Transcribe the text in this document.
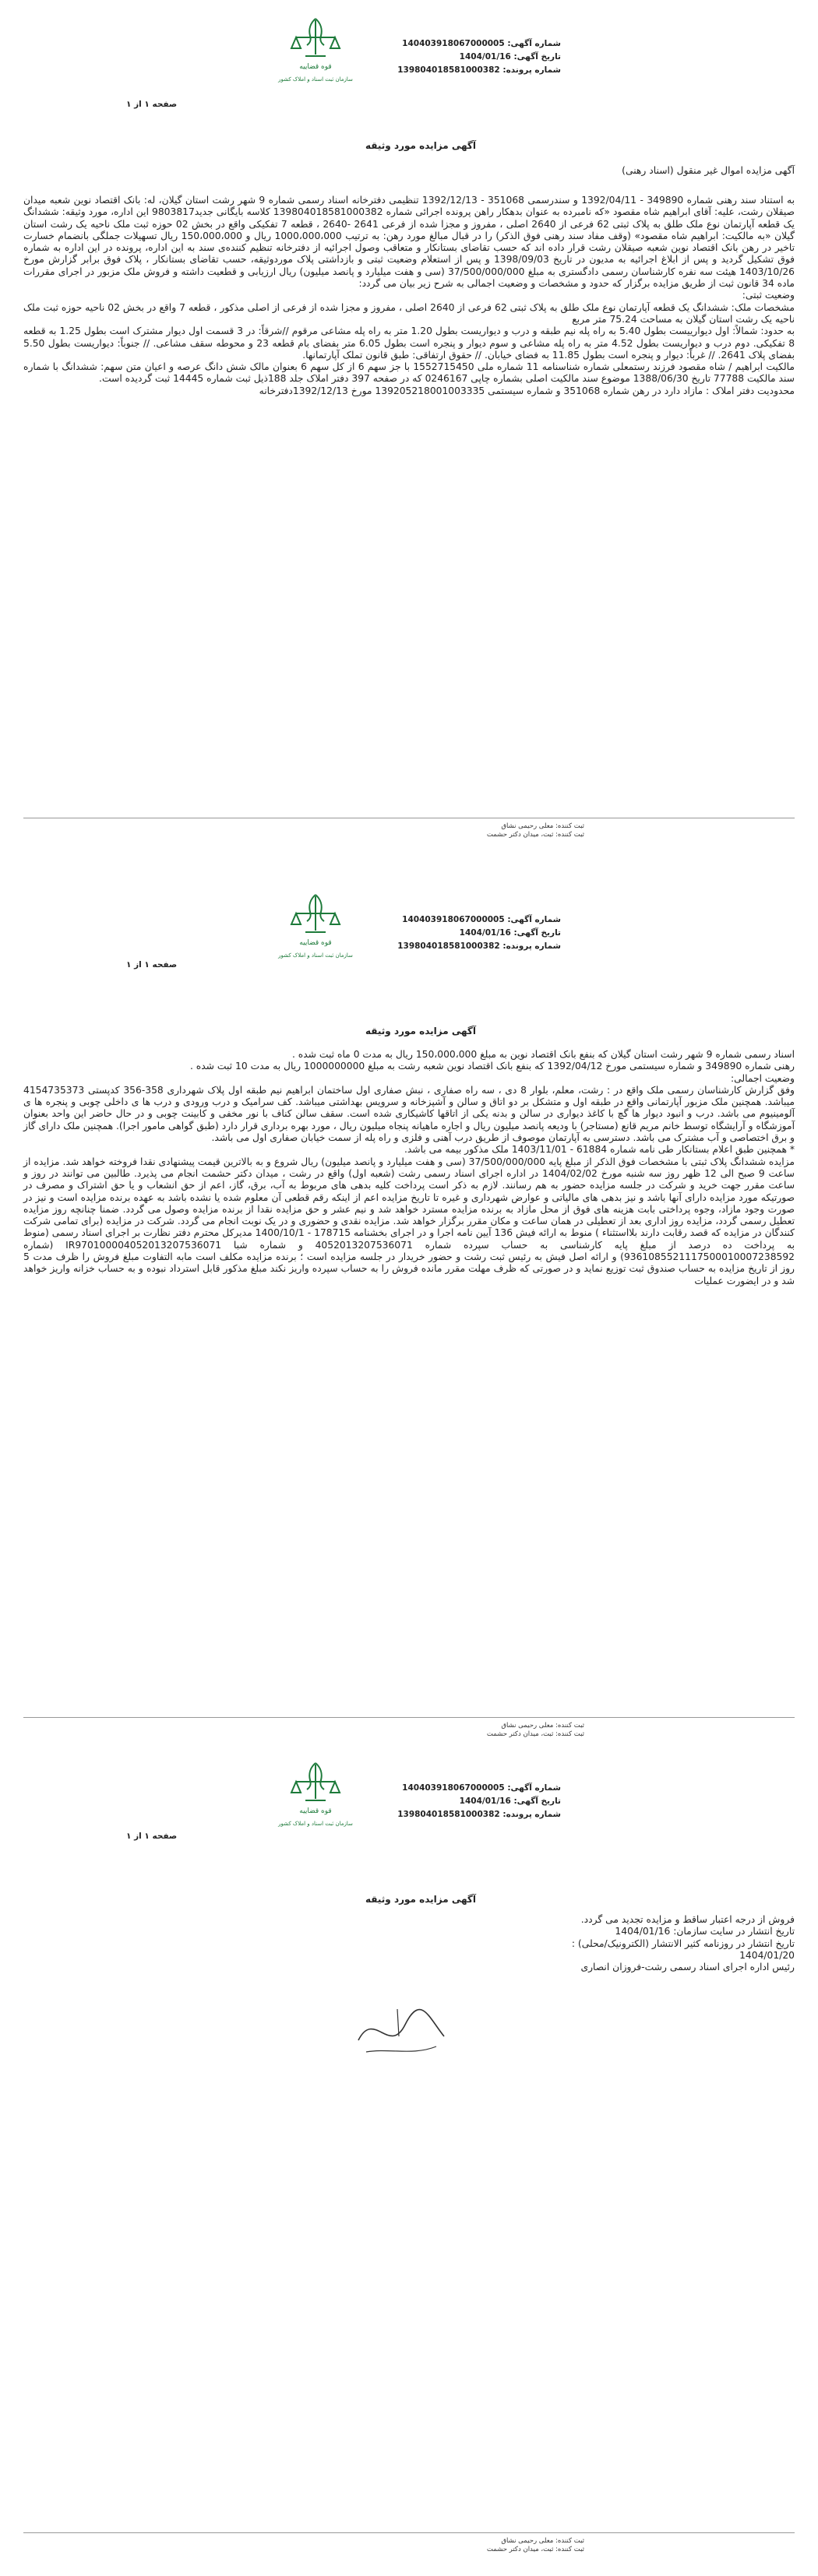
قوه قضاییه
سازمان ثبت اسناد و املاک کشور
شماره آگهی: 140403918067000005
تاریخ آگهی: 1404/01/16
شماره پرونده: 139804018581000382
صفحه ۱ از ۱
آگهی مزایده مورد وثیقه
آگهی مزایده اموال غیر منقول (اسناد رهنی)

به استناد سند رهنی شماره 349890 - 1392/04/11 و سندرسمی 351068 - 1392/12/13 تنظیمی دفترخانه اسناد رسمی شماره 9 شهر رشت استان گیلان، له: بانک اقتصاد نوین شعبه میدان صیقلان رشت، علیه: آقای ابراهیم شاه مقصود «که نامبرده به عنوان بدهکار راهن پرونده اجرائی شماره 139804018581000382 کلاسه بایگانی جدید9803817 این اداره، مورد وثیقه: ششدانگ یک قطعه آپارتمان نوع ملک طلق به پلاک ثبتی 62 فرعی از 2640 اصلی ، مفروز و مجزا شده از فرعی 2641 -2640 ، قطعه 7 تفکیکی واقع در بخش 02 حوزه ثبت ملک ناحیه یک رشت استان گیلان «به مالکیت: ابراهیم شاه مقصود» (وقف مفاد سند رهنی فوق الذکر) را در قبال مبالغ مورد رهن: به ترتیب 1000،000،000 ریال و 150،000،000 ریال تسهیلات جملگی بانضمام خسارت تاخیر در رهن بانک اقتصاد نوین شعبه صیقلان رشت قرار داده اند که حسب تقاضای بستانکار و متعاقب وصول اجرائیه از دفترخانه تنظیم کننده‌ی سند به این اداره، پرونده در این اداره به شماره فوق تشکیل گردید و پس از ابلاغ اجرائیه به مدیون در تاریخ 1398/09/03 و پس از استعلام وضعیت ثبتی و بازداشتی پلاک موردوثیقه، حسب تقاضای بستانکار ، پلاک فوق برابر گزارش مورخ 1403/10/26 هیئت سه نفره کارشناسان رسمی دادگستری به مبلغ 37/500/000/000 (سی و هفت میلیارد و پانصد میلیون) ریال ارزیابی و قطعیت داشته و فروش ملک مزبور در اجرای مقررات ماده 34 قانون ثبت از طریق مزایده برگزار که حدود و مشخصات و وضعیت اجمالی به شرح زیر بیان می گردد:

وضعیت ثبتی:

مشخصات ملک: ششدانگ یک قطعه آپارتمان نوع ملک طلق به پلاک ثبتی 62 فرعی از 2640 اصلی ، مفروز و مجزا شده از فرعی از اصلی مذکور ، قطعه 7 واقع در بخش 02 ناحیه حوزه ثبت ملک ناحیه یک رشت استان گیلان به مساحت 75.24 متر مربع

به حدود: شمالاً: اول دیوارییست بطول 5.40 به راه پله نیم طبقه و درب و دیواریست بطول 1.20 متر به راه پله مشاعی مرقوم //شرقاً: در 3 قسمت اول دیوار مشترک است بطول 1.25 به قطعه 8 تفکیکی. دوم درب و دیواریست بطول 4.52 متر به راه پله مشاعی و سوم دیوار و پنجره است بطول 6.05 متر بفضای بام قطعه 23 و محوطه سقف مشاعی. // جنوباً: دیواریست بطول 5.50 بفضای پلاک 2641. // غرباً: دیوار و پنجره است بطول 11.85 به فضای خیابان. // حقوق ارتفاقی: طبق قانون تملک آپارتمانها.

مالکیت ابراهیم / شاه مقصود فرزند رستمعلی شماره شناسنامه 11 شماره ملی 1552715450 با جز سهم 6 از کل سهم 6 بعنوان مالک شش دانگ عرصه و اعیان متن سهم: ششدانگ با شماره سند مالکیت 77788 تاریخ 1388/06/30 موضوع سند مالکیت اصلی بشماره چاپی 0246167 که در صفحه 397 دفتر املاک جلد 188ذیل ثبت شماره 14445 ثبت گردیده است.

محدودیت دفتر املاک : مازاد دارد در رهن شماره 351068 و شماره سیستمی 139205218001003335 مورخ 1392/12/13دفترخانه

ثبت کننده: معلی رحیمی نشاق
ثبت کننده: ثبت، میدان دکتر حشمت
قوه قضاییه
سازمان ثبت اسناد و املاک کشور
شماره آگهی: 140403918067000005
تاریخ آگهی: 1404/01/16
شماره پرونده: 139804018581000382
صفحه ۱ از ۱
آگهی مزایده مورد وثیقه

اسناد رسمی شماره 9 شهر رشت استان گیلان که بنفع بانک اقتصاد نوین به مبلغ 150،000،000 ریال به مدت 0 ماه ثبت شده .

رهنی شماره 349890 و شماره سیستمی مورخ 1392/04/12 که بنفع بانک اقتصاد نوین شعبه رشت به مبلغ 1000000000 ریال به مدت 10 ثبت شده .

وضعیت اجمالی:

وفق گزارش کارشناسان رسمی ملک واقع در : رشت، معلم، بلوار 8 دی ، سه راه صفاری ، نبش صفاری اول ساختمان ابراهیم نیم طبقه اول پلاک شهرداری 358-356 کدپستی 4154735373 میباشد. همچنین ملک مزبور آپارتمانی واقع در طبقه اول و متشکل بر دو اتاق و سالن و آشپزخانه و سرویس بهداشتی میباشد. کف سرامیک و درب ورودی و درب ها ی داخلی چوبی و پنجره ها ی آلومینیوم می باشد. درب و انبود دیوار ها گچ با کاغذ دیواری در سالن و بدنه یکی از اتاقها کاشیکاری شده است. سقف سالن کناف با نور مخفی و کابینت چوبی و در حال حاضر این واحد بعنوان آموزشگاه و آرایشگاه توسط خانم مریم قانع (مستاجر) با ودیعه پانصد میلیون ریال و اجاره ماهیانه پنجاه میلیون ریال ، مورد بهره برداری قرار دارد (طبق گواهی مامور اجرا). همچنین ملک دارای گاز و برق اختصاصی و آب مشترک می باشد. دسترسی به آپارتمان موصوف از طریق درب آهنی و فلزی و راه پله از سمت خیابان صفاری اول می باشد.

* همچنین طبق اعلام بستانکار طی نامه شماره 61884 - 1403/11/01 ملک مذکور بیمه می باشد.

مزایده ششدانگ پلاک ثبتی با مشخصات فوق الذکر از مبلغ پایه 37/500/000/000 (سی و هفت میلیارد و پانصد میلیون) ریال شروع و به بالاترین قیمت پیشنهادی نقدا فروخته خواهد شد. مزایده از ساعت 9 صبح الی 12 ظهر روز سه شنبه مورخ 1404/02/02 در اداره اجرای اسناد رسمی رشت (شعبه اول) واقع در رشت ، میدان دکتر حشمت انجام می پذیرد. طالبین می توانند در روز و ساعت مقرر جهت خرید و شرکت در جلسه مزایده حضور به هم رسانند. لازم به ذکر است پرداخت کلیه بدهی های مربوط به آب، برق، گاز، اعم از حق انشعاب و یا حق اشتراک و مصرف در صورتیکه مورد مزایده دارای آنها باشد و نیز بدهی های مالیاتی و عوارض شهرداری و غیره تا تاریخ مزایده اعم از اینکه رقم قطعی آن معلوم شده یا نشده باشد به عهده برنده مزایده است و نیز در صورت وجود مازاد، وجوه پرداختی بابت هزینه های فوق از محل مازاد به برنده مزایده مسترد خواهد شد و نیم عشر و حق مزایده نقدا از برنده مزایده وصول می گردد. ضمنا چنانچه روز مزایده تعطیل رسمی گردد، مزایده روز اداری بعد از تعطیلی در همان ساعت و مکان مقرر برگزار خواهد شد. مزایده نقدی و حضوری و در یک نوبت انجام می گردد. شرکت در مزایده (برای تمامی شرکت کنندگان در مزایده که قصد رقابت دارند بلااستثناء ) منوط به ارائه فیش 136 آیین نامه اجرا و در اجرای بخشنامه 178715 - 1400/10/1 مدیرکل محترم دفتر نظارت بر اجرای اسناد رسمی (منوط به پرداخت ده درصد از مبلغ پایه کارشناسی به حساب سپرده شماره 4052013207536071 و شماره شبا IR970100004052013207536071 (شماره 9361085521117500010007238592) و ارائه اصل فیش به رئیس ثبت رشت و حضور خریدار در جلسه مزایده است ؛ برنده مزایده مکلف است مابه التفاوت مبلغ فروش را ظرف مدت 5 روز از تاریخ مزایده به حساب صندوق ثبت توزیع نماید و در صورتی که ظرف مهلت مقرر مانده فروش را به حساب سپرده واریز نکند مبلغ مذکور قابل استرداد نبوده و به حساب خزانه واریز خواهد شد و در ایضورت عملیات

ثبت کننده: معلی رحیمی نشاق
ثبت کننده: ثبت، میدان دکتر حشمت
قوه قضاییه
سازمان ثبت اسناد و املاک کشور
شماره آگهی: 140403918067000005
تاریخ آگهی: 1404/01/16
شماره پرونده: 139804018581000382
صفحه ۱ از ۱
آگهی مزایده مورد وثیقه

فروش از درجه اعتبار ساقط و مزایده تجدید می گردد.

تاریخ انتشار در سایت سازمان: 1404/01/16

تاریخ انتشار در روزنامه کثیر الانتشار (الکترونیک/محلی) :

1404/01/20

رئیس اداره اجرای اسناد رسمی رشت-فروزان انصاری

ثبت کننده: معلی رحیمی نشاق
ثبت کننده: ثبت، میدان دکتر حشمت
